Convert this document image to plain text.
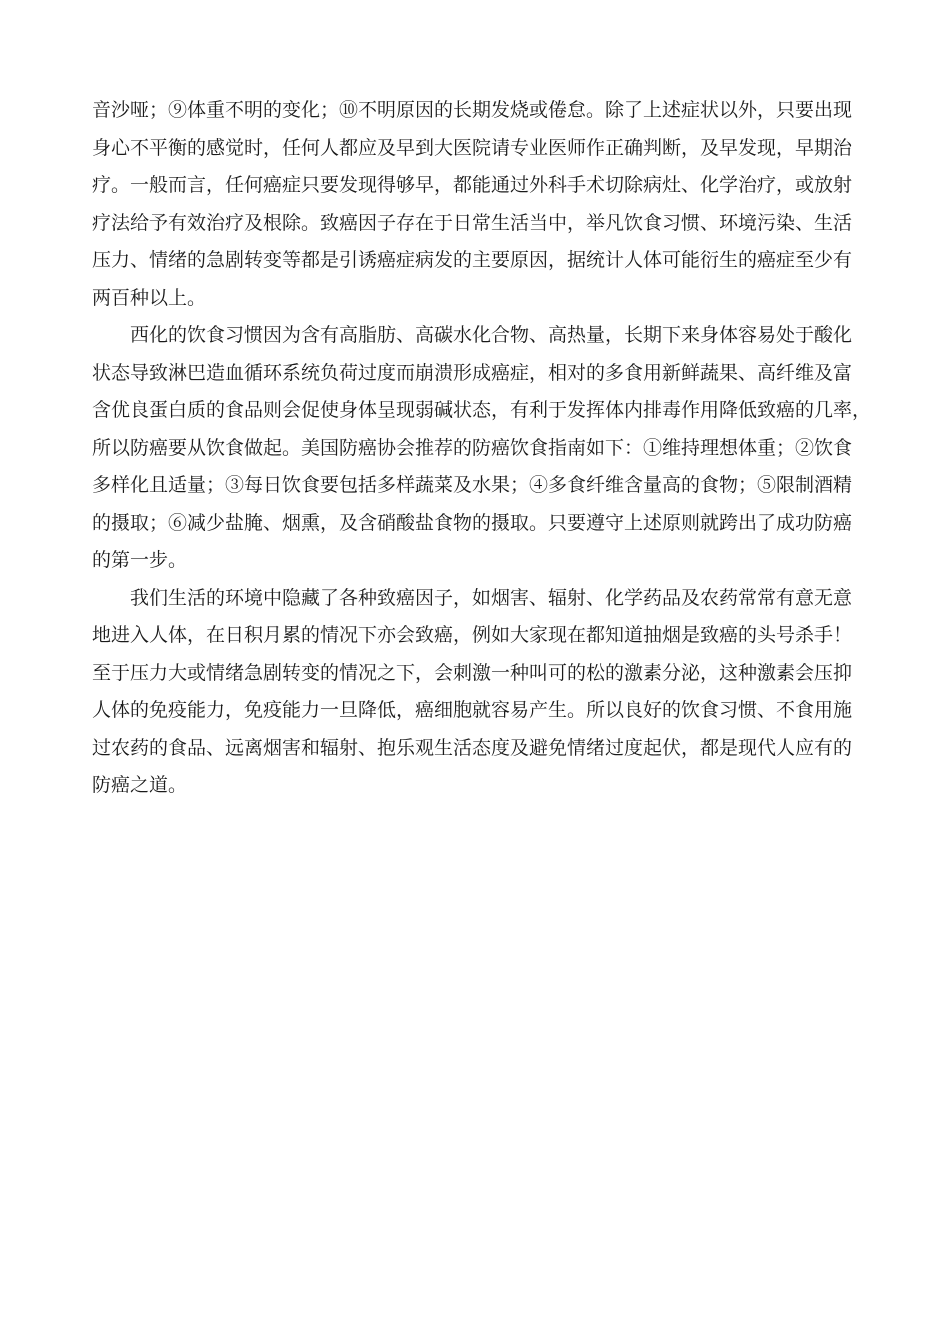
音沙哑；⑨体重不明的变化；⑩不明原因的长期发烧或倦怠。除了上述症状以外，只要出现
身心不平衡的感觉时，任何人都应及早到大医院请专业医师作正确判断，及早发现，早期治
疗。一般而言，任何癌症只要发现得够早，都能通过外科手术切除病灶、化学治疗，或放射
疗法给予有效治疗及根除。致癌因子存在于日常生活当中，举凡饮食习惯、环境污染、生活
压力、情绪的急剧转变等都是引诱癌症病发的主要原因，据统计人体可能衍生的癌症至少有
两百种以上。
西化的饮食习惯因为含有高脂肪、高碳水化合物、高热量，长期下来身体容易处于酸化
状态导致淋巴造血循环系统负荷过度而崩溃形成癌症，相对的多食用新鲜蔬果、高纤维及富
含优良蛋白质的食品则会促使身体呈现弱碱状态，有利于发挥体内排毒作用降低致癌的几率，
所以防癌要从饮食做起。美国防癌协会推荐的防癌饮食指南如下：①维持理想体重；②饮食
多样化且适量；③每日饮食要包括多样蔬菜及水果；④多食纤维含量高的食物；⑤限制酒精
的摄取；⑥减少盐腌、烟熏，及含硝酸盐食物的摄取。只要遵守上述原则就跨出了成功防癌
的第一步。
我们生活的环境中隐藏了各种致癌因子，如烟害、辐射、化学药品及农药常常有意无意
地进入人体，在日积月累的情况下亦会致癌，例如大家现在都知道抽烟是致癌的头号杀手！
至于压力大或情绪急剧转变的情况之下，会刺激一种叫可的松的激素分泌，这种激素会压抑
人体的免疫能力，免疫能力一旦降低，癌细胞就容易产生。所以良好的饮食习惯、不食用施
过农药的食品、远离烟害和辐射、抱乐观生活态度及避免情绪过度起伏，都是现代人应有的
防癌之道。
